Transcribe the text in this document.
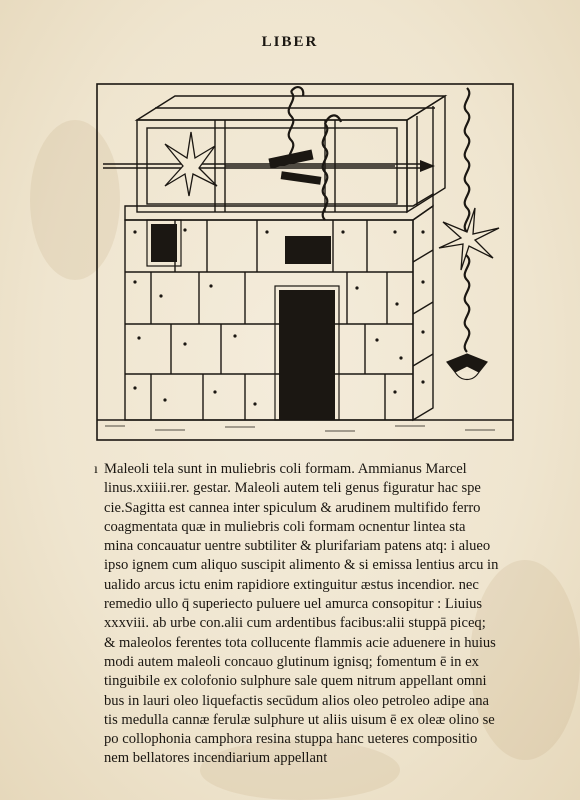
LIBER
ı Maleoli tela sunt in muliebris coli formam. Ammianus Marcel
linus.xxiiii.rer. gestar. Maleoli autem teli genus figuratur hac spe
cie.Sagitta est cannea inter spiculum & arudinem multifido ferro
coagmentata quæ in muliebris coli formam ocnentur lintea sta
mina concauatur uentre subtiliter & plurifariam patens atq: i alueo
ipso ignem cum aliquo suscipit alimento & si emissa lentius arcu in
ualido arcus ictu enim rapidiore extinguitur æstus incendior. nec
remedio ullo q̄ superiecto puluere uel amurca consopitur : Liuius
xxxviii. ab urbe con.alii cum ardentibus facibus:alii stuppā piceq;
& maleolos ferentes tota collucente flammis acie aduenere in huius
modi autem maleoli concauo glutinum ignisq; fomentum ē in ex
tinguibile ex colofonio sulphure sale quem nitrum appellant omni
bus in lauri oleo liquefactis secūdum alios oleo petroleo adipe ana
tis medulla cannæ ferulæ sulphure ut aliis uisum ē ex oleæ olino se
po collophonia camphora resina stuppa hanc ueteres compositio
nem bellatores incendiarium appellant
